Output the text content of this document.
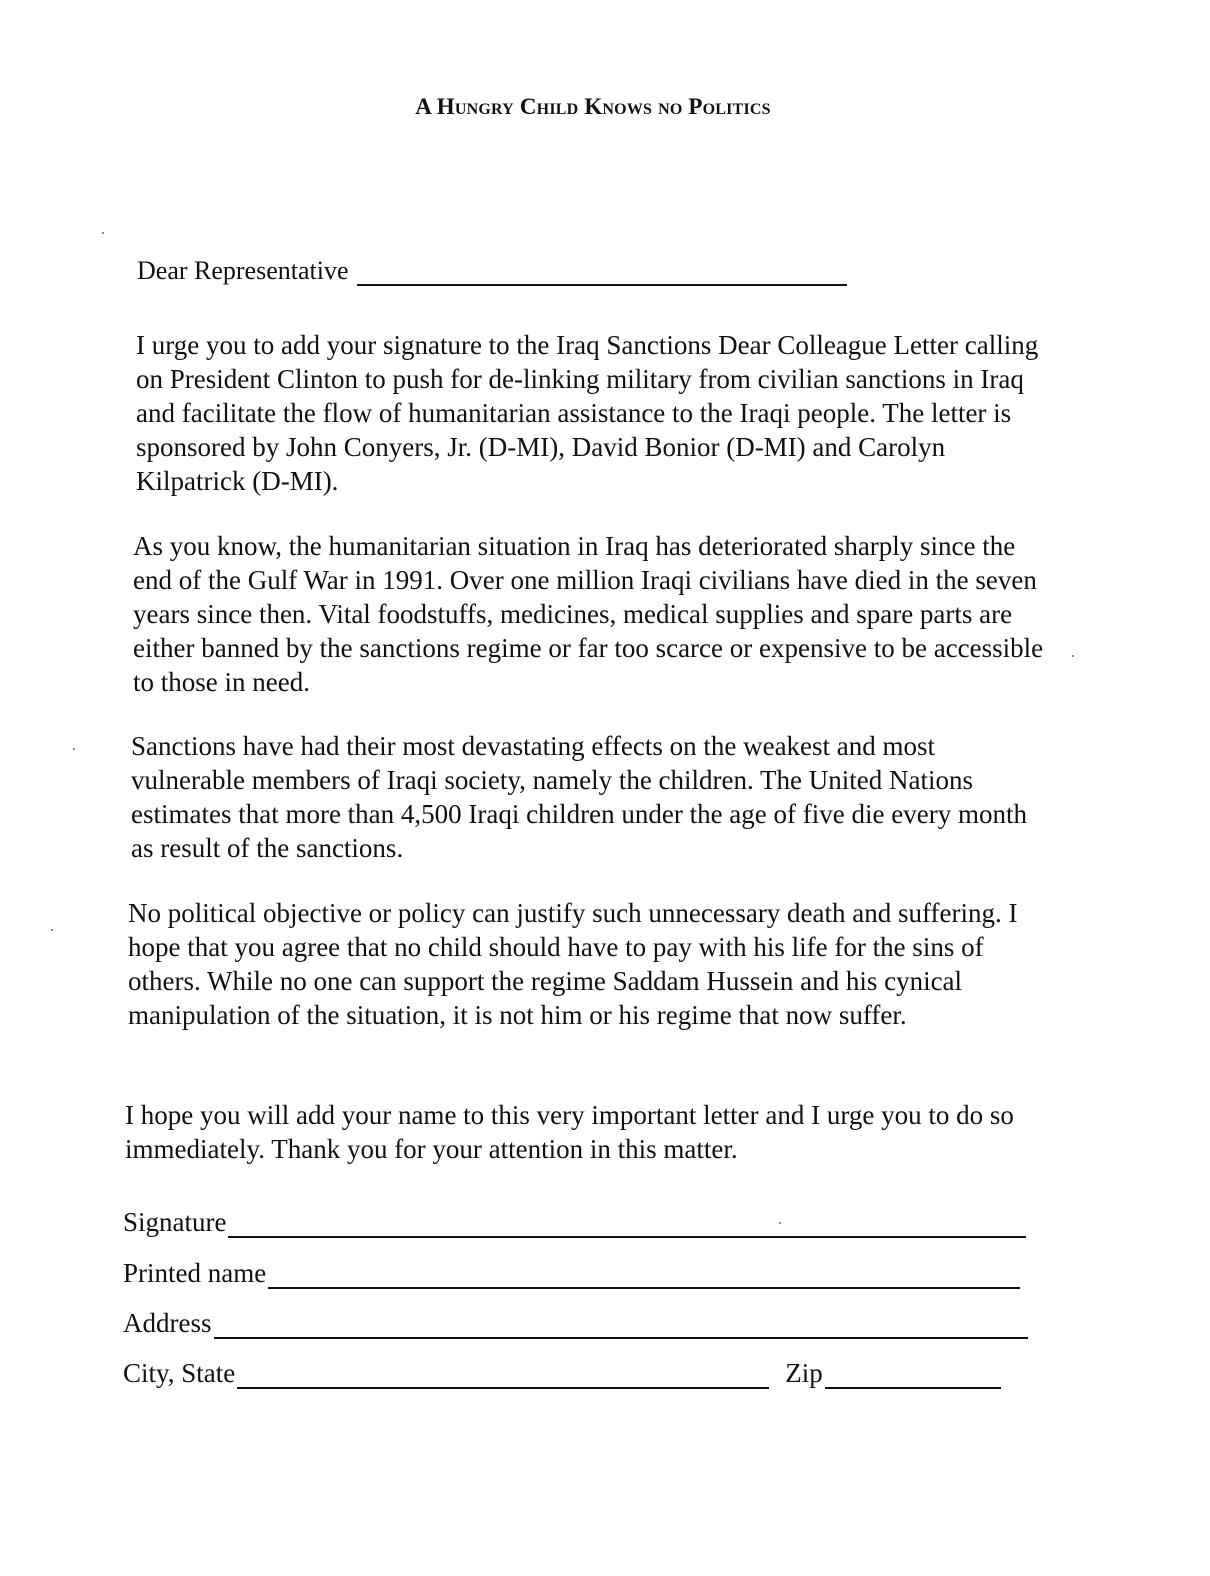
A Hungry Child Knows no Politics
Dear Representative

I urge you to add your signature to the Iraq Sanctions Dear Colleague Letter calling on President Clinton to push for de-linking military from civilian sanctions in Iraq and facilitate the flow of humanitarian assistance to the Iraqi people. The letter is sponsored by John Conyers, Jr. (D-MI), David Bonior (D-MI) and Carolyn Kilpatrick (D-MI).

As you know, the humanitarian situation in Iraq has deteriorated sharply since the end of the Gulf War in 1991. Over one million Iraqi civilians have died in the seven years since then. Vital foodstuffs, medicines, medical supplies and spare parts are either banned by the sanctions regime or far too scarce or expensive to be accessible to those in need.

Sanctions have had their most devastating effects on the weakest and most vulnerable members of Iraqi society, namely the children. The United Nations estimates that more than 4,500 Iraqi children under the age of five die every month as result of the sanctions.

No political objective or policy can justify such unnecessary death and suffering. I hope that you agree that no child should have to pay with his life for the sins of others. While no one can support the regime Saddam Hussein and his cynical manipulation of the situation, it is not him or his regime that now suffer.

I hope you will add your name to this very important letter and I urge you to do so immediately. Thank you for your attention in this matter.

Signature
Printed name
Address
City, State	Zip
